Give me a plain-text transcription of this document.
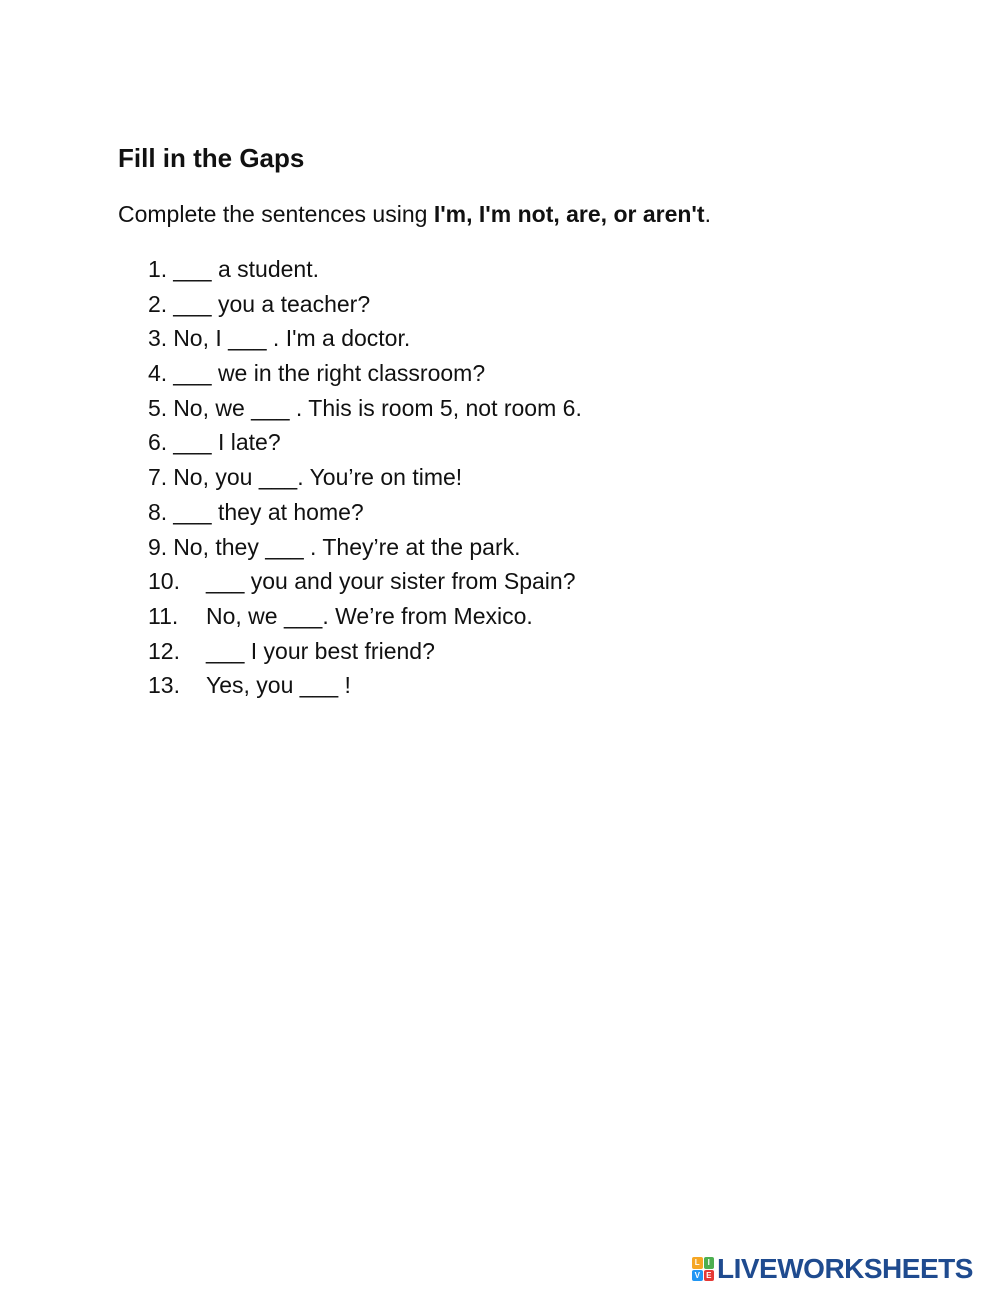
Fill in the Gaps

Complete the sentences using I'm, I'm not, are, or aren't.

1. ___ a student.
2. ___ you a teacher?
3. No, I ___ . I'm a doctor.
4. ___ we in the right classroom?
5. No, we ___ . This is room 5, not room 6.
6. ___ I late?
7. No, you ___. You’re on time!
8. ___ they at home?
9. No, they ___ . They’re at the park.
10.	___ you and your sister from Spain?
11.	No, we ___. We’re from Mexico.
12.	___ I your best friend?
13.	Yes, you ___ !
L I
V E LIVEWORKSHEETS
